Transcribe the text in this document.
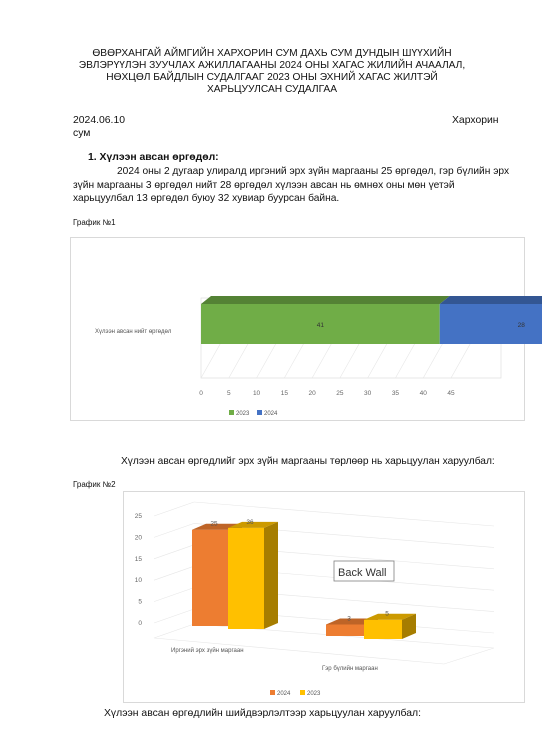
ӨВӨРХАНГАЙ АЙМГИЙН ХАРХОРИН СУМ ДАХЬ СУМ ДУНДЫН ШҮҮХИЙН
ЭВЛЭРҮҮЛЭН ЗУУЧЛАХ АЖИЛЛАГААНЫ 2024 ОНЫ ХАГАС ЖИЛИЙН АЧААЛАЛ,
НӨХЦӨЛ БАЙДЛЫН СУДАЛГААГ 2023 ОНЫ ЭХНИЙ ХАГАС ЖИЛТЭЙ
ХАРЬЦУУЛСАН СУДАЛГАА
2024.06.10	Хархорин
сум
1. Хүлээн авсан өргөдөл:
2024 оны 2 дугаар улиралд иргэний эрх зүйн маргааны 25 өргөдөл, гэр бүлийн эрх зүйн маргааны 3 өргөдөл нийт 28 өргөдөл хүлээн авсан нь өмнөх оны мөн үетэй харьцуулбал 13 өргөдөл буюу 32 хувиар буурсан байна.
График №1
41	28
0	5	10	15	20	25	30	35	40	45
Хүлээн авсан нийт өргөдөл
2023 2024
Хүлээн авсан өргөдлийг эрх зүйн маргааны төрлөөр нь харьцуулан харуулбал:
График №2
25	36
3
5
0
5
10
15
20
25
Иргэний эрх зүйн маргаан
Гэр бүлийн маргаан
Back Wall
2024	2023
Хүлээн авсан өргөдлийн шийдвэрлэлтээр харьцуулан харуулбал:
